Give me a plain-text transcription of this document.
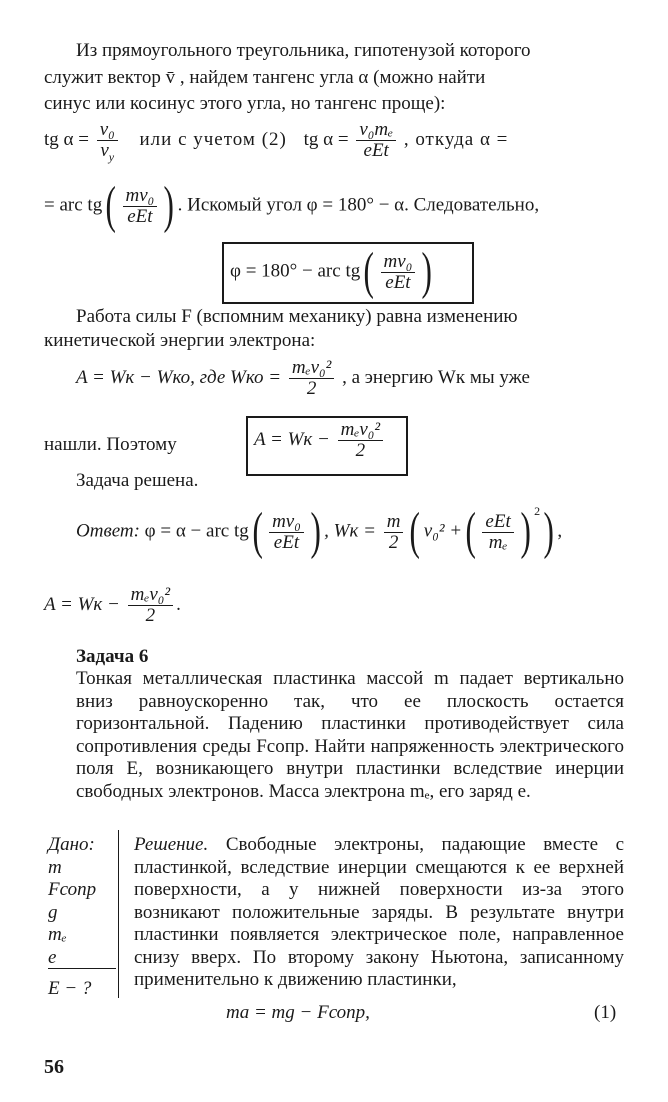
Из прямоугольного треугольника, гипотенузой которого
служит вектор v̄ , найдем тангенс угла α (можно найти
синус или косинус этого угла, но тангенс проще):
tg $\alpha = \frac{\text{v₀}}{v_y}$ или с учетом (2) tg $\alpha = \frac{\text{v₀mₑ}}{\text{eEt}}$ , откуда α =
= arc $tg( \frac{\text{mv₀}}{\text{eEt}}$ ) . Искомый угол φ = 180° − α. Следовательно,
φ = 180° − arc $tg( \frac{\text{mv₀}}{\text{eEt}}$ )
Работа силы F (вспомним механику) равна изменению
кинетической энергии электрона:
A = Wк − Wко, где Wко = $\frac{\text{mₑv₀²}}{2}$ , а энергию Wк мы уже
нашли. Поэтому	A = Wк − $\frac{\text{mₑv₀²}}{2}$
Задача решена.
Ответ: φ = α − arc $tg( \frac{\text{mv₀}}{\text{eEt}}$ ) , Wк = $\frac{m}{2}$ ( v₀² +( $\frac{\text{eEt}}{\text{mₑ}}$ ) $^2$) ,
A = Wк − $\frac{\text{mₑv₀²}}{2}$ .
Задача 6
Тонкая металлическая пластинка массой m падает вертикально вниз равноускоренно так, что ее плоскость остается горизонтальной. Падению пластинки противодействует сила сопротивления среды Fсопр. Найти напряженность электрического поля E, возникающего внутри пластинки вследствие инерции свободных электронов. Масса электрона mₑ, его заряд e.
Дано:
m
Fсопр
g
mₑ
e
E − ?
Решение. Свободные электроны, падающие вместе с пластинкой, вследствие инерции смещаются к ее верхней поверхности, а у нижней поверхности из-за этого возникают положительные заряды. В результате внутри пластинки появляется электрическое поле, направленное снизу вверх. По второму закону Ньютона, записанному применительно к движению пластинки,
ma = mg − Fсопр,	(1)
56
